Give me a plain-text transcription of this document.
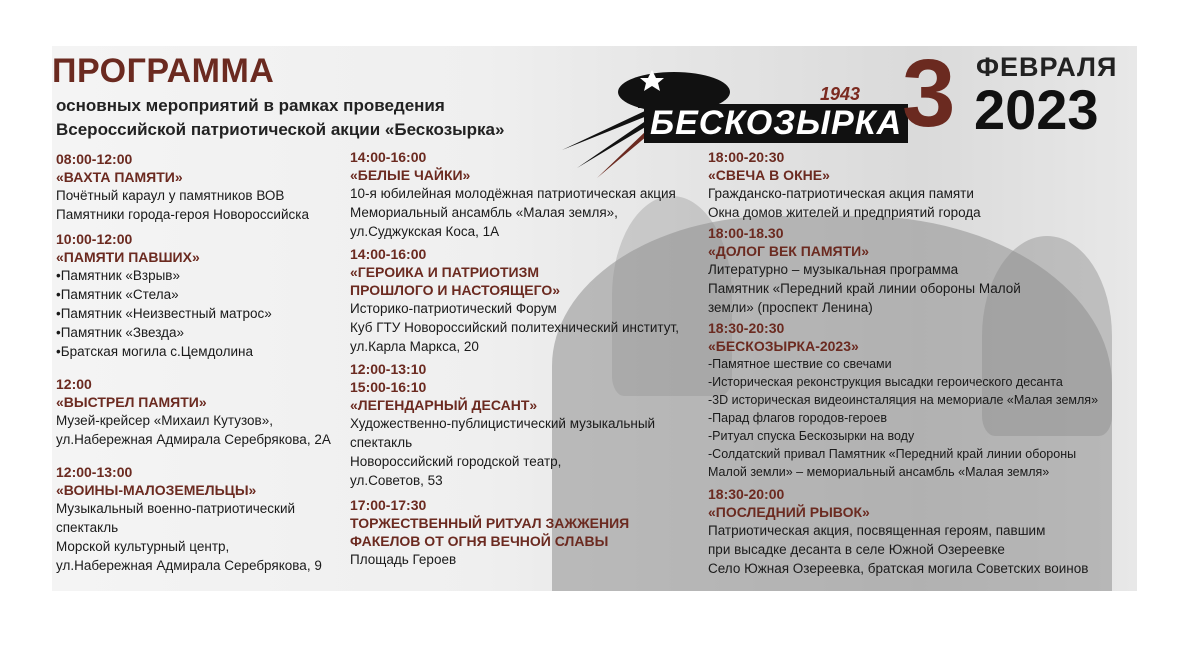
ПРОГРАММА
основных мероприятий в рамках проведения
Всероссийской патриотической акции «Бескозырка»
1943
БЕСКОЗЫРКА 3 ФЕВРАЛЯ
2023
08:00-12:00
«ВАХТА ПАМЯТИ»
Почётный караул у памятников ВОВ
Памятники города-героя Новороссийска
10:00-12:00
«ПАМЯТИ ПАВШИХ»
•Памятник «Взрыв»
•Памятник «Стела»
•Памятник «Неизвестный матрос»
•Памятник «Звезда»
•Братская могила с.Цемдолина
12:00
«ВЫСТРЕЛ ПАМЯТИ»
Музей-крейсер «Михаил Кутузов»,
ул.Набережная Адмирала Серебрякова, 2А
12:00-13:00
«ВОИНЫ-МАЛОЗЕМЕЛЬЦЫ»
Музыкальный военно-патриотический
спектакль
Морской культурный центр,
ул.Набережная Адмирала Серебрякова, 9
14:00-16:00
«БЕЛЫЕ ЧАЙКИ»
10-я юбилейная молодёжная патриотическая акция
Мемориальный ансамбль «Малая земля»,
ул.Суджукская Коса, 1А
14:00-16:00
«ГЕРОИКА И ПАТРИОТИЗМ ПРОШЛОГО И НАСТОЯЩЕГО»
Историко-патриотический Форум
Куб ГТУ Новороссийский политехнический институт,
ул.Карла Маркса, 20
12:00-13:10 15:00-16:10
«ЛЕГЕНДАРНЫЙ ДЕСАНТ»
Художественно-публицистический музыкальный
спектакль
Новороссийский городской театр,
ул.Советов, 53
17:00-17:30
ТОРЖЕСТВЕННЫЙ РИТУАЛ ЗАЖЖЕНИЯ ФАКЕЛОВ ОТ ОГНЯ ВЕЧНОЙ СЛАВЫ
Площадь Героев
18:00-20:30
«СВЕЧА В ОКНЕ»
Гражданско-патриотическая акция памяти
Окна домов жителей и предприятий города
18:00-18.30
«ДОЛОГ ВЕК ПАМЯТИ»
Литературно – музыкальная программа
Памятник «Передний край линии обороны Малой
земли» (проспект Ленина)
18:30-20:30
«БЕСКОЗЫРКА-2023»
-Памятное шествие со свечами
-Историческая реконструкция высадки героического десанта
-3D историческая видеоинсталяция на мемориале «Малая земля»
-Парад флагов городов-героев
-Ритуал спуска Бескозырки на воду
-Солдатский привал Памятник «Передний край линии обороны
Малой земли» – мемориальный ансамбль «Малая земля»
18:30-20:00
«ПОСЛЕДНИЙ РЫВОК»
Патриотическая акция, посвященная героям, павшим
при высадке десанта в селе Южной Озереевке
Село Южная Озереевка, братская могила Советских воинов
